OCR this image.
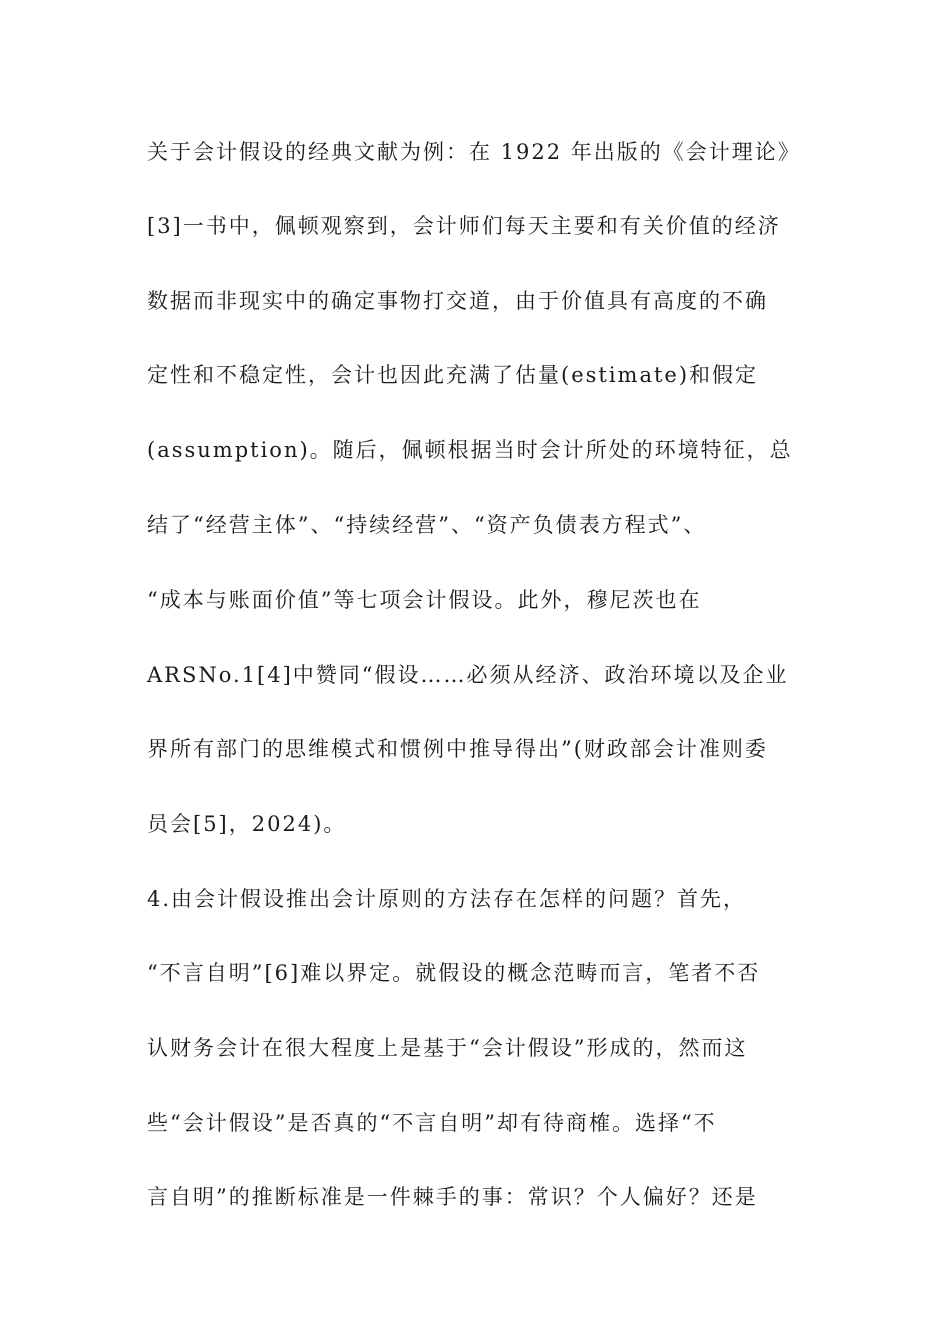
关于会计假设的经典文献为例：在 1922 年出版的《会计理论》
[3]一书中，佩顿观察到，会计师们每天主要和有关价值的经济
数据而非现实中的确定事物打交道，由于价值具有高度的不确
定性和不稳定性，会计也因此充满了估量(estimate)和假定
(assumption)。随后，佩顿根据当时会计所处的环境特征，总
结了“经营主体”、“持续经营”、“资产负债表方程式”、
“成本与账面价值”等七项会计假设。此外，穆尼茨也在
ARSNo.1[4]中赞同“假设……必须从经济、政治环境以及企业
界所有部门的思维模式和惯例中推导得出”(财政部会计准则委
员会[5]，2024)。
4.由会计假设推出会计原则的方法存在怎样的问题？首先，
“不言自明”[6]难以界定。就假设的概念范畴而言，笔者不否
认财务会计在很大程度上是基于“会计假设”形成的，然而这
些“会计假设”是否真的“不言自明”却有待商榷。选择“不
言自明”的推断标准是一件棘手的事：常识？个人偏好？还是
